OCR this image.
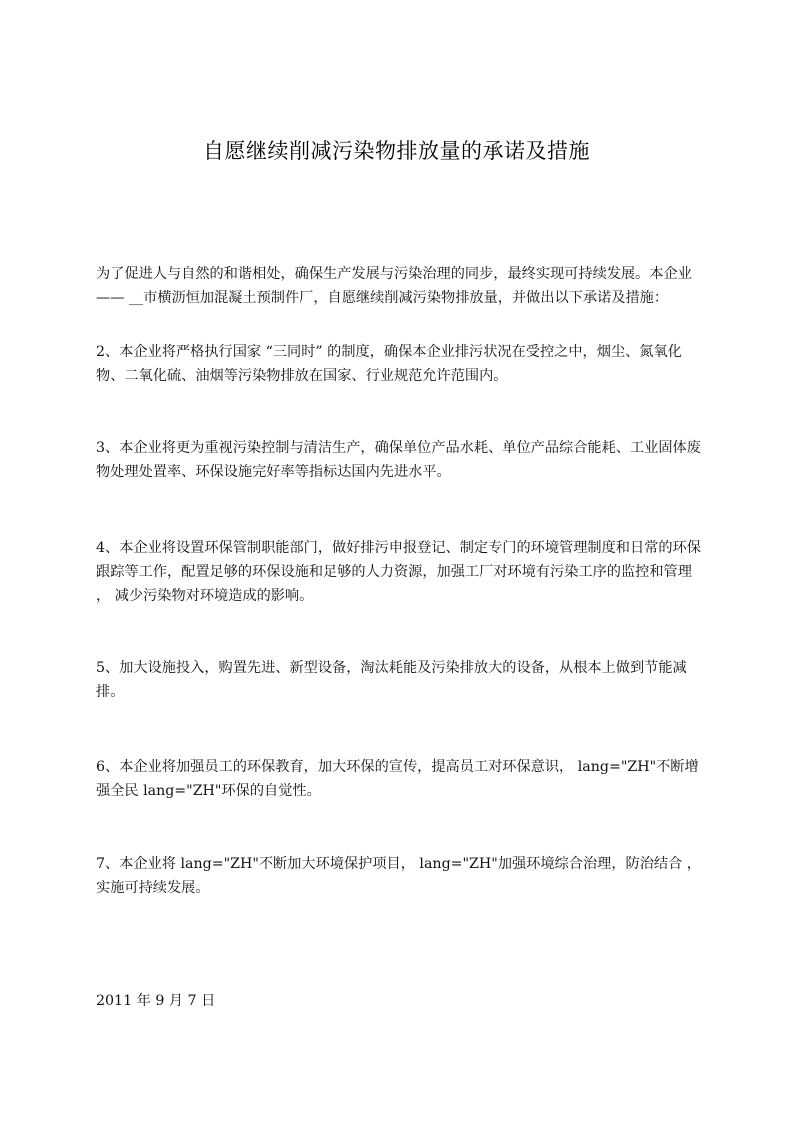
自愿继续削减污染物排放量的承诺及措施

为了促进人与自然的和谐相处，确保生产发展与污染治理的同步，最终实现可持续发展。本企业—— __市横沥恒加混凝土预制件厂，自愿继续削减污染物排放量，并做出以下承诺及措施：

2、本企业将严格执行国家 “三同时” 的制度，确保本企业排污状况在受控之中，烟尘、氮氧化物、二氧化硫、油烟等污染物排放在国家、行业规范允许范围内。

3、本企业将更为重视污染控制与清洁生产，确保单位产品水耗、单位产品综合能耗、工业固体废物处理处置率、环保设施完好率等指标达国内先进水平。

4、本企业将设置环保管制职能部门，做好排污申报登记、制定专门的环境管理制度和日常的环保跟踪等工作，配置足够的环保设施和足够的人力资源，加强工厂对环境有污染工序的监控和管理 ， 减少污染物对环境造成的影响。

5、加大设施投入，购置先进、新型设备，淘汰耗能及污染排放大的设备，从根本上做到节能减排。

6、本企业将加强员工的环保教育，加大环保的宣传，提高员工对环保意识， lang="ZH"不断增强全民 lang="ZH"环保的自觉性。

7、本企业将 lang="ZH"不断加大环境保护项目， lang="ZH"加强环境综合治理，防治结合 ， 实施可持续发展。

2011 年 9 月 7 日
